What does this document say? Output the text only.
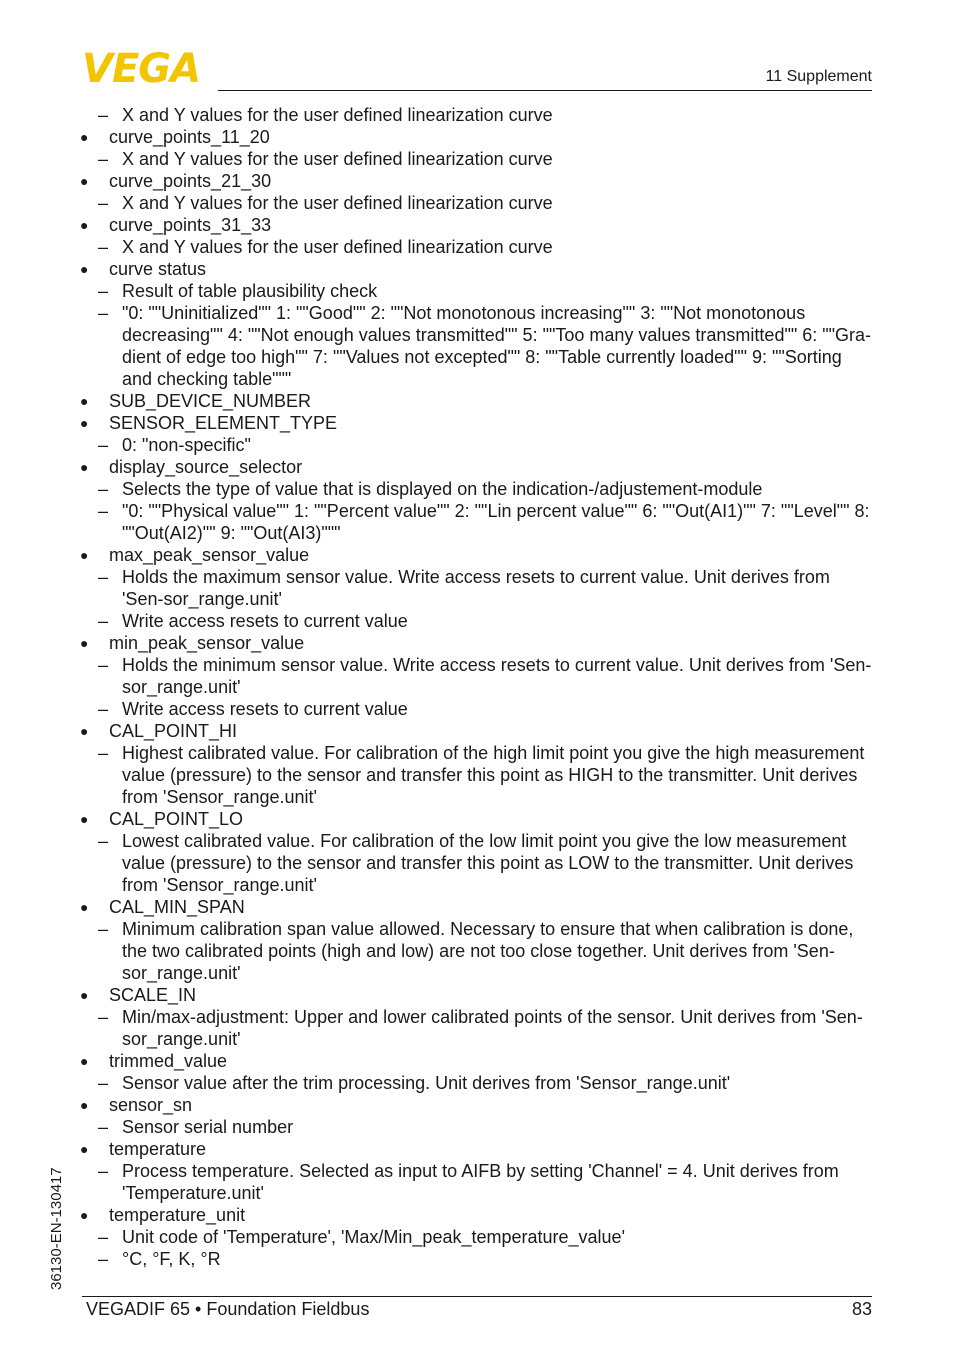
VEGA	11 Supplement
– X and Y values for the user defined linearization curve
● curve_points_11_20
– X and Y values for the user defined linearization curve
● curve_points_21_30
– X and Y values for the user defined linearization curve
● curve_points_31_33
– X and Y values for the user defined linearization curve
● curve status
– Result of table plausibility check
– "0: ""Uninitialized"" 1: ""Good"" 2: ""Not monotonous increasing"" 3: ""Not monotonous decreasing"" 4: ""Not enough values transmitted"" 5: ""Too many values transmitted"" 6: ""Gra-dient of edge too high"" 7: ""Values not excepted"" 8: ""Table currently loaded"" 9: ""Sorting and checking table"""
● SUB_DEVICE_NUMBER
● SENSOR_ELEMENT_TYPE
– 0: "non-specific"
● display_source_selector
– Selects the type of value that is displayed on the indication-/adjustement-module
– "0: ""Physical value"" 1: ""Percent value"" 2: ""Lin percent value"" 6: ""Out(AI1)"" 7: ""Level"" 8: ""Out(AI2)"" 9: ""Out(AI3)"""
● max_peak_sensor_value
– Holds the maximum sensor value. Write access resets to current value. Unit derives from 'Sen-sor_range.unit'
– Write access resets to current value
● min_peak_sensor_value
– Holds the minimum sensor value. Write access resets to current value. Unit derives from 'Sen-sor_range.unit'
– Write access resets to current value
● CAL_POINT_HI
– Highest calibrated value. For calibration of the high limit point you give the high measurement value (pressure) to the sensor and transfer this point as HIGH to the transmitter. Unit derives from 'Sensor_range.unit'
● CAL_POINT_LO
– Lowest calibrated value. For calibration of the low limit point you give the low measurement value (pressure) to the sensor and transfer this point as LOW to the transmitter. Unit derives from 'Sensor_range.unit'
● CAL_MIN_SPAN
– Minimum calibration span value allowed. Necessary to ensure that when calibration is done, the two calibrated points (high and low) are not too close together. Unit derives from 'Sen-sor_range.unit'
● SCALE_IN
– Min/max-adjustment: Upper and lower calibrated points of the sensor. Unit derives from 'Sen-sor_range.unit'
● trimmed_value
– Sensor value after the trim processing. Unit derives from 'Sensor_range.unit'
● sensor_sn
– Sensor serial number
● temperature
– Process temperature. Selected as input to AIFB by setting 'Channel' = 4. Unit derives from 'Temperature.unit'
● temperature_unit
– Unit code of 'Temperature', 'Max/Min_peak_temperature_value'
– °C, °F, K, °R
36130-EN-130417
VEGADIF 65 • Foundation Fieldbus	83
